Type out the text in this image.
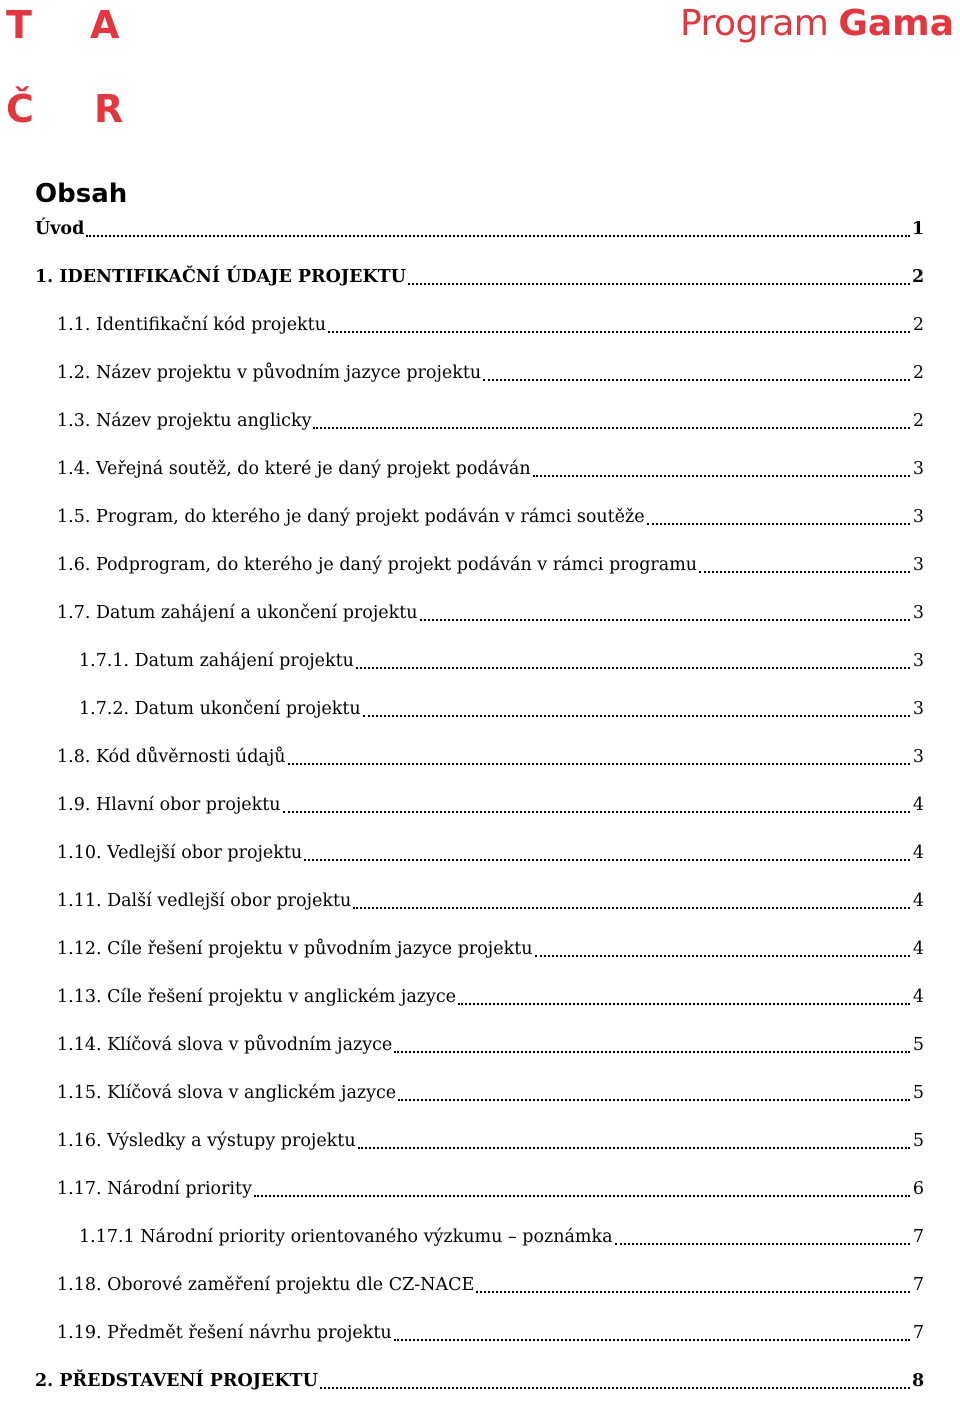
T A
Č R
Program Gama
Obsah
Úvod	1
1. IDENTIFIKAČNÍ ÚDAJE PROJEKTU	2
1.1. Identifikační kód projektu	2
1.2. Název projektu v původním jazyce projektu	2
1.3. Název projektu anglicky	2
1.4. Veřejná soutěž, do které je daný projekt podáván	3
1.5. Program, do kterého je daný projekt podáván v rámci soutěže	3
1.6. Podprogram, do kterého je daný projekt podáván v rámci programu	3
1.7. Datum zahájení a ukončení projektu	3
1.7.1. Datum zahájení projektu	3
1.7.2. Datum ukončení projektu	3
1.8. Kód důvěrnosti údajů	3
1.9. Hlavní obor projektu	4
1.10. Vedlejší obor projektu	4
1.11. Další vedlejší obor projektu	4
1.12. Cíle řešení projektu v původním jazyce projektu	4
1.13. Cíle řešení projektu v anglickém jazyce	4
1.14. Klíčová slova v původním jazyce	5
1.15. Klíčová slova v anglickém jazyce	5
1.16. Výsledky a výstupy projektu	5
1.17. Národní priority	6
1.17.1 Národní priority orientovaného výzkumu – poznámka	7
1.18. Oborové zaměření projektu dle CZ-NACE	7
1.19. Předmět řešení návrhu projektu	7
2. PŘEDSTAVENÍ PROJEKTU	8
